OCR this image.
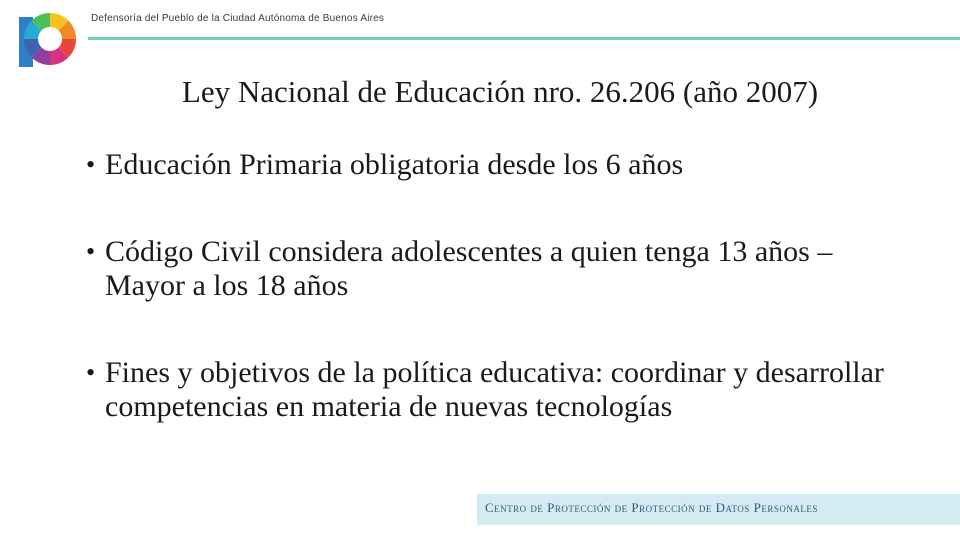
Defensoría del Pueblo de la Ciudad Autónoma de Buenos Aires
Ley Nacional de Educación nro. 26.206 (año 2007)
• Educación Primaria obligatoria desde los 6 años
• Código Civil considera adolescentes a quien tenga 13 años – Mayor a los 18 años
• Fines y objetivos de la política educativa: coordinar y desarrollar competencias en materia de nuevas tecnologías
Centro de Protección de Protección de Datos Personales
